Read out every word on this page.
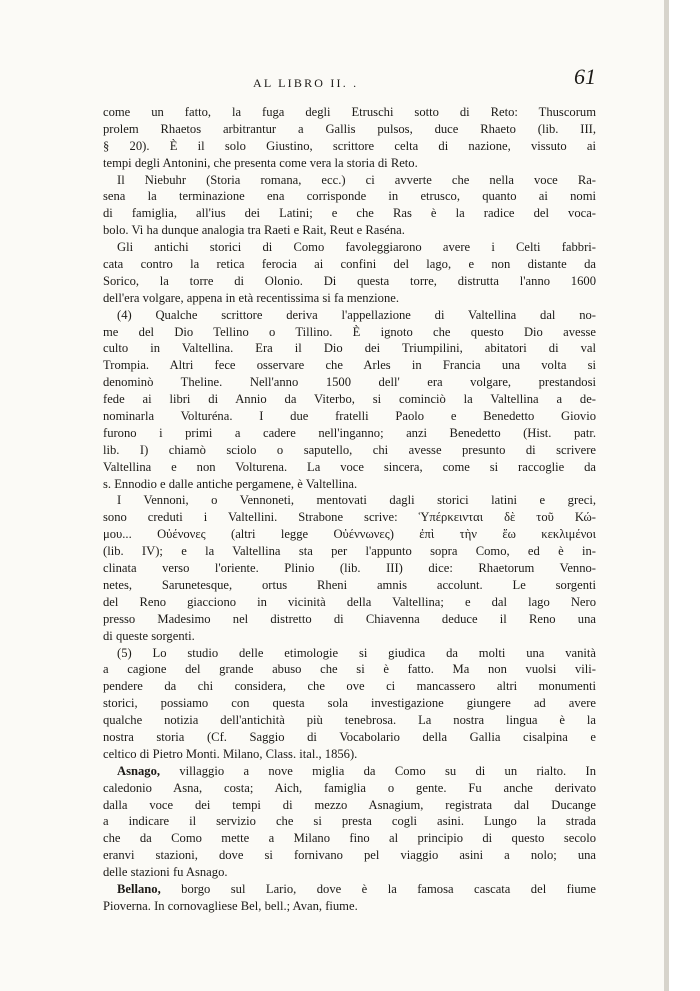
AL LIBRO II. .	61
come un fatto, la fuga degli Etruschi sotto di Reto: Thuscorum
prolem Rhaetos arbitrantur a Gallis pulsos, duce Rhaeto (lib. III,
§ 20). È il solo Giustino, scrittore celta di nazione, vissuto ai
tempi degli Antonini, che presenta come vera la storia di Reto.
Il Niebuhr (Storia romana, ecc.) ci avverte che nella voce Ra-
sena la terminazione ena corrisponde in etrusco, quanto ai nomi
di famiglia, all'ius dei Latini; e che Ras è la radice del voca-
bolo. Vi ha dunque analogia tra Raeti e Rait, Reut e Raséna.
Gli antichi storici di Como favoleggiarono avere i Celti fabbri-
cata contro la retica ferocia ai confini del lago, e non distante da
Sorico, la torre di Olonio. Di questa torre, distrutta l'anno 1600
dell'era volgare, appena in età recentissima si fa menzione.
(4) Qualche scrittore deriva l'appellazione di Valtellina dal no-
me del Dio Tellino o Tillino. È ignoto che questo Dio avesse
culto in Valtellina. Era il Dio dei Triumpilini, abitatori di val
Trompia. Altri fece osservare che Arles in Francia una volta si
denominò Theline. Nell'anno 1500 dell' era volgare, prestandosi
fede ai libri di Annio da Viterbo, si cominciò la Valtellina a de-
nominarla Volturéna. I due fratelli Paolo e Benedetto Giovio
furono i primi a cadere nell'inganno; anzi Benedetto (Hist. patr.
lib. I) chiamò sciolo o saputello, chi avesse presunto di scrivere
Valtellina e non Volturena. La voce sincera, come si raccoglie da
s. Ennodio e dalle antiche pergamene, è Valtellina.
I Vennoni, o Vennoneti, mentovati dagli storici latini e greci,
sono creduti i Valtellini. Strabone scrive: Ὑπέρκεινται δὲ τοῦ Κώ-
μου... Οὐένονες (altri legge Οὐέννωνες) ἐπὶ τὴν ἕω κεκλιμένοι
(lib. IV); e la Valtellina sta per l'appunto sopra Como, ed è in-
clinata verso l'oriente. Plinio (lib. III) dice: Rhaetorum Venno-
netes, Sarunetesque, ortus Rheni amnis accolunt. Le sorgenti
del Reno giacciono in vicinità della Valtellina; e dal lago Nero
presso Madesimo nel distretto di Chiavenna deduce il Reno una
di queste sorgenti.
(5) Lo studio delle etimologie si giudica da molti una vanità
a cagione del grande abuso che si è fatto. Ma non vuolsi vili-
pendere da chi considera, che ove ci mancassero altri monumenti
storici, possiamo con questa sola investigazione giungere ad avere
qualche notizia dell'antichità più tenebrosa. La nostra lingua è la
nostra storia (Cf. Saggio di Vocabolario della Gallia cisalpina e
celtico di Pietro Monti. Milano, Class. ital., 1856).
Asnago, villaggio a nove miglia da Como su di un rialto. In
caledonio Asna, costa; Aich, famiglia o gente. Fu anche derivato
dalla voce dei tempi di mezzo Asnagium, registrata dal Ducange
a indicare il servizio che si presta cogli asini. Lungo la strada
che da Como mette a Milano fino al principio di questo secolo
eranvi stazioni, dove si fornivano pel viaggio asini a nolo; una
delle stazioni fu Asnago.
Bellano, borgo sul Lario, dove è la famosa cascata del fiume
Pioverna. In cornovagliese Bel, bell.; Avan, fiume.
